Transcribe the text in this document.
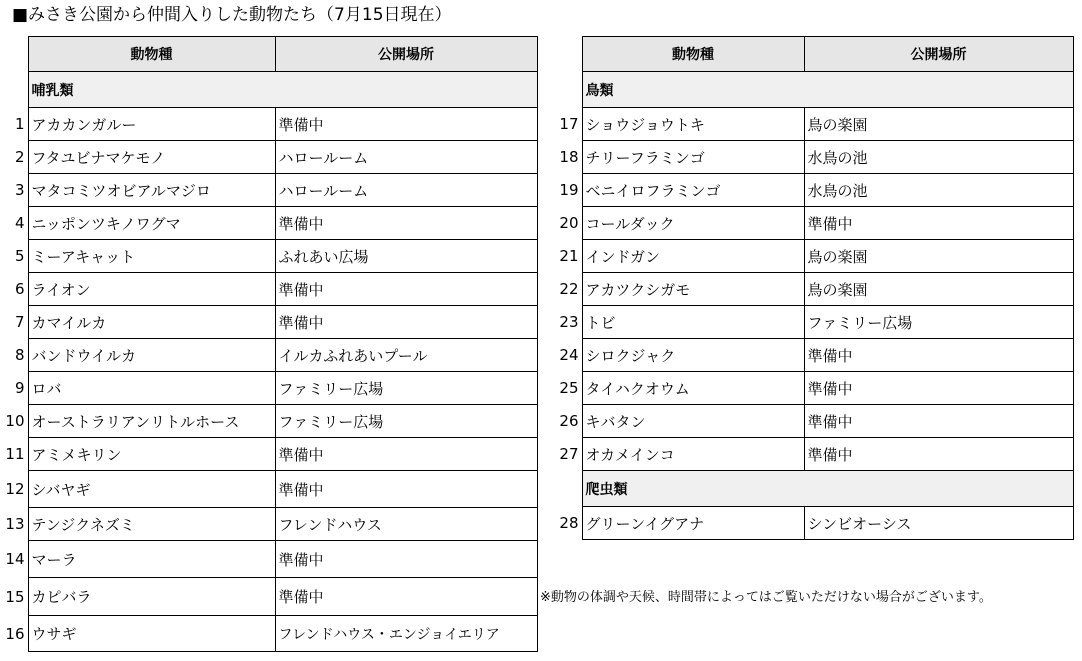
■みさき公園から仲間入りした動物たち（7月15日現在）
	動物種	公開場所
	哺乳類	
1	アカカンガルー	準備中
2	フタユビナマケモノ	ハロールーム
3	マタコミツオビアルマジロ	ハロールーム
4	ニッポンツキノワグマ	準備中
5	ミーアキャット	ふれあい広場
6	ライオン	準備中
7	カマイルカ	準備中
8	バンドウイルカ	イルカふれあいプール
9	ロバ	ファミリー広場
10	オーストラリアンリトルホース	ファミリー広場
11	アミメキリン	準備中
12	シバヤギ	準備中
13	テンジクネズミ	フレンドハウス
14	マーラ	準備中
15	カピバラ	準備中
16	ウサギ	フレンドハウス・エンジョイエリア
	動物種	公開場所
	鳥類	
17	ショウジョウトキ	鳥の楽園
18	チリーフラミンゴ	水鳥の池
19	ベニイロフラミンゴ	水鳥の池
20	コールダック	準備中
21	インドガン	鳥の楽園
22	アカツクシガモ	鳥の楽園
23	トビ	ファミリー広場
24	シロクジャク	準備中
25	タイハクオウム	準備中
26	キバタン	準備中
27	オカメインコ	準備中
	爬虫類	
28	グリーンイグアナ	シンビオーシス
※動物の体調や天候、時間帯によってはご覧いただけない場合がございます。
